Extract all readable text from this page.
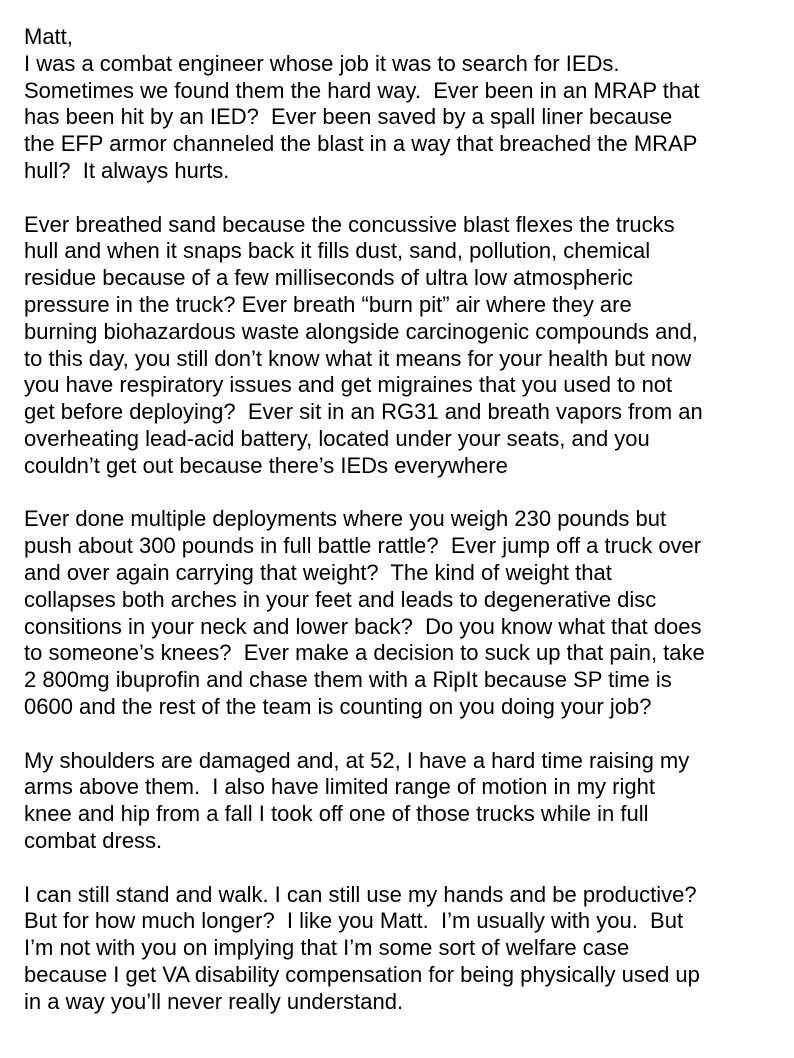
Matt,
I was a combat engineer whose job it was to search for IEDs.
Sometimes we found them the hard way.  Ever been in an MRAP that
has been hit by an IED?  Ever been saved by a spall liner because
the EFP armor channeled the blast in a way that breached the MRAP
hull?  It always hurts.
Ever breathed sand because the concussive blast flexes the trucks
hull and when it snaps back it fills dust, sand, pollution, chemical
residue because of a few milliseconds of ultra low atmospheric
pressure in the truck? Ever breath “burn pit” air where they are
burning biohazardous waste alongside carcinogenic compounds and,
to this day, you still don’t know what it means for your health but now
you have respiratory issues and get migraines that you used to not
get before deploying?  Ever sit in an RG31 and breath vapors from an
overheating lead-acid battery, located under your seats, and you
couldn’t get out because there’s IEDs everywhere
Ever done multiple deployments where you weigh 230 pounds but
push about 300 pounds in full battle rattle?  Ever jump off a truck over
and over again carrying that weight?  The kind of weight that
collapses both arches in your feet and leads to degenerative disc
consitions in your neck and lower back?  Do you know what that does
to someone’s knees?  Ever make a decision to suck up that pain, take
2 800mg ibuprofin and chase them with a RipIt because SP time is
0600 and the rest of the team is counting on you doing your job?
My shoulders are damaged and, at 52, I have a hard time raising my
arms above them.  I also have limited range of motion in my right
knee and hip from a fall I took off one of those trucks while in full
combat dress.
I can still stand and walk. I can still use my hands and be productive?
But for how much longer?  I like you Matt.  I’m usually with you.  But
I’m not with you on implying that I’m some sort of welfare case
because I get VA disability compensation for being physically used up
in a way you’ll never really understand.
